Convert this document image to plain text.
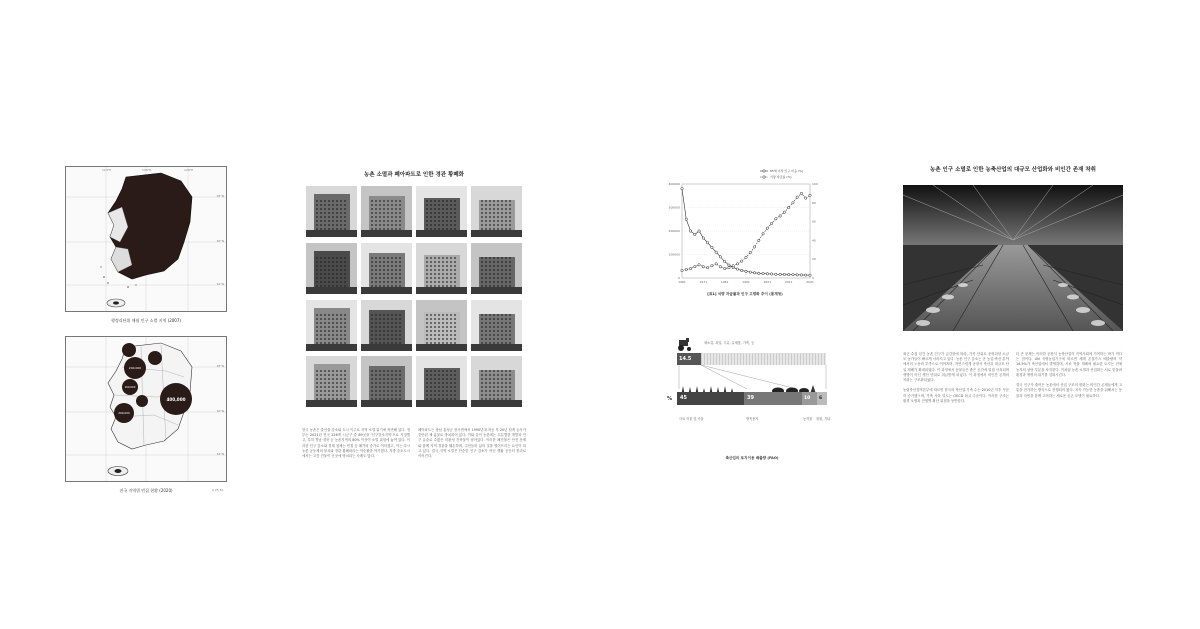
124°E	126°E	128°E
38°N
36°N
34°N
행정리단위 매월 인구 소멸 지역 (2007)
200,000
100,000
200,000
400,000
38°N
36°N
34°N
전국 지역별 빈집 현황 (2020)	0 25 50
농촌 소멸과 폐아파트로 인한 경관 황폐화
한국 농촌은 출산율 감소와 도시 이주로 지역 소멸 위기에 직면해 있다. 정부는 2021년 전국 228개 시군구 중 89곳을 '인구감소지역'으로 지정했고, 특히 경남·경북 등 농촌지역의 80% 이상이 소멸 위험에 놓여 있다. 이러한 인구 감소와 경제 침체는 빈집 등 폐가의 증가로 이어졌고, 이는 다시 농촌 공동체의 붕괴와 경관 황폐화라는 악순환을 야기했다. 지방 중소도시에서는 고층 건물이 곳곳에 방치되는 사례도 많다.
폐아파트는 충남 홍성군 장곡면에서 1990년대 착공 후 20년 넘게 공사가 중단된 채 흉물로 방치되어 있다. 이와 같이 농촌에는 무분별한 개발과 인구 유출로 수많은 미완성 건축물이 남아있다. 이러한 폐건물은 안전 문제와 함께 지역 경관을 훼손하며, 주민들의 삶의 질을 떨어뜨리는 요인이 되고 있다. 결국 지역 소멸은 단순한 인구 감소가 아닌 생활 공간의 붕괴로 이어진다.
400000
300000
200000
100000
0
100
80
60
40
20
0
1961	1971	1981	1991	2001	2011	2021
65세 이상 인구 비율 (%)
식량 자급률 (%)
[표1] 식량 자급률과 인구 고령화 추이 (통계청)
채소류, 과일, 우유, 유제품, 가축, 등
14.5
45	39	10	6
%
사료 작물 및 곡물	방목용지	농작물 정원, 기타
축산업의 토지이용 배출량 (FAO)
농촌 인구 소멸로 인한 농축산업의 대규모 산업화와 비인간 존재 착취
최근 수십 년간 농촌 인구가 급감함에 따라, 가족 단위로 운영되던 소규모 농가들이 빠르게 사라지고 있다. 농촌 인구 감소는 곧 농업·축산 분야에서의 노동력 부족으로 이어지며, 자연스럽게 공장식 축산과 대규모 단일 재배가 확대되었다. 이 과정에서 동물들은 좁은 공간에 밀집 사육되며 생명이 아닌 생산 단위로 취급받게 되었다. 이 과정에서 비인간 존재의 착취는 구조화되었다.

농림축산검역본부에 따르면 한국의 축산업 가축 수는 2010년 이후 꾸준히 증가했으며, 가축 사육 밀도는 OECD 최고 수준이다. 이러한 구조는 환경 오염과 전염병 확산 위험을 동반한다.
더 큰 문제는 이러한 공장식 농축산업이 지역사회에 기여하는 바가 적다는 점이다. UN 식량농업기구에 따르면 세계 온실가스 배출량의 약 14.5%가 축산업에서 발생하며, 사료 작물 재배에 필요한 토지는 전체 농지의 상당 부분을 차지한다. 이처럼 농촌 소멸과 산업화는 서로 맞물려 환경과 생명의 위기를 심화시킨다.

결국 인구가 줄어든 농촌에서 산업 구조의 변화는 비인간 존재들에게 고통을 전가하는 방식으로 진행되어 왔다. 지속 가능한 농촌을 위해서는 동물과 자연을 함께 고려하는 새로운 공존 모델이 필요하다.
